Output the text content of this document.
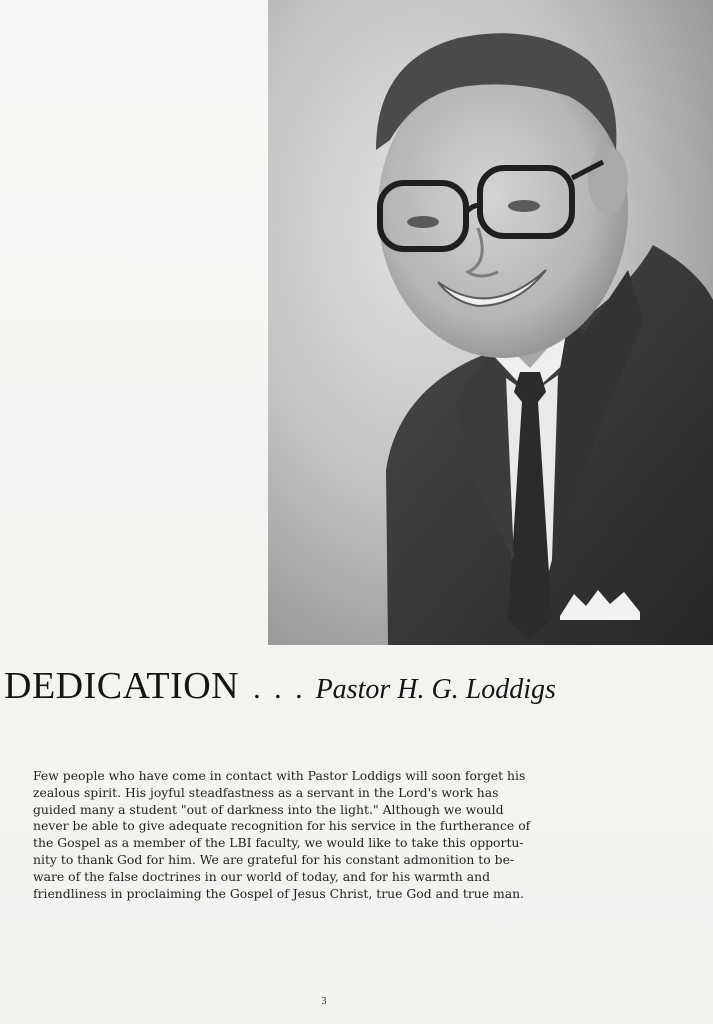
DEDICATION . . . Pastor H. G. Loddigs
Few people who have come in contact with Pastor Loddigs will soon forget his
zealous spirit. His joyful steadfastness as a servant in the Lord's work has
guided many a student "out of darkness into the light." Although we would
never be able to give adequate recognition for his service in the furtherance of
the Gospel as a member of the LBI faculty, we would like to take this opportu-
nity to thank God for him. We are grateful for his constant admonition to be-
ware of the false doctrines in our world of today, and for his warmth and
friendliness in proclaiming the Gospel of Jesus Christ, true God and true man.
3
